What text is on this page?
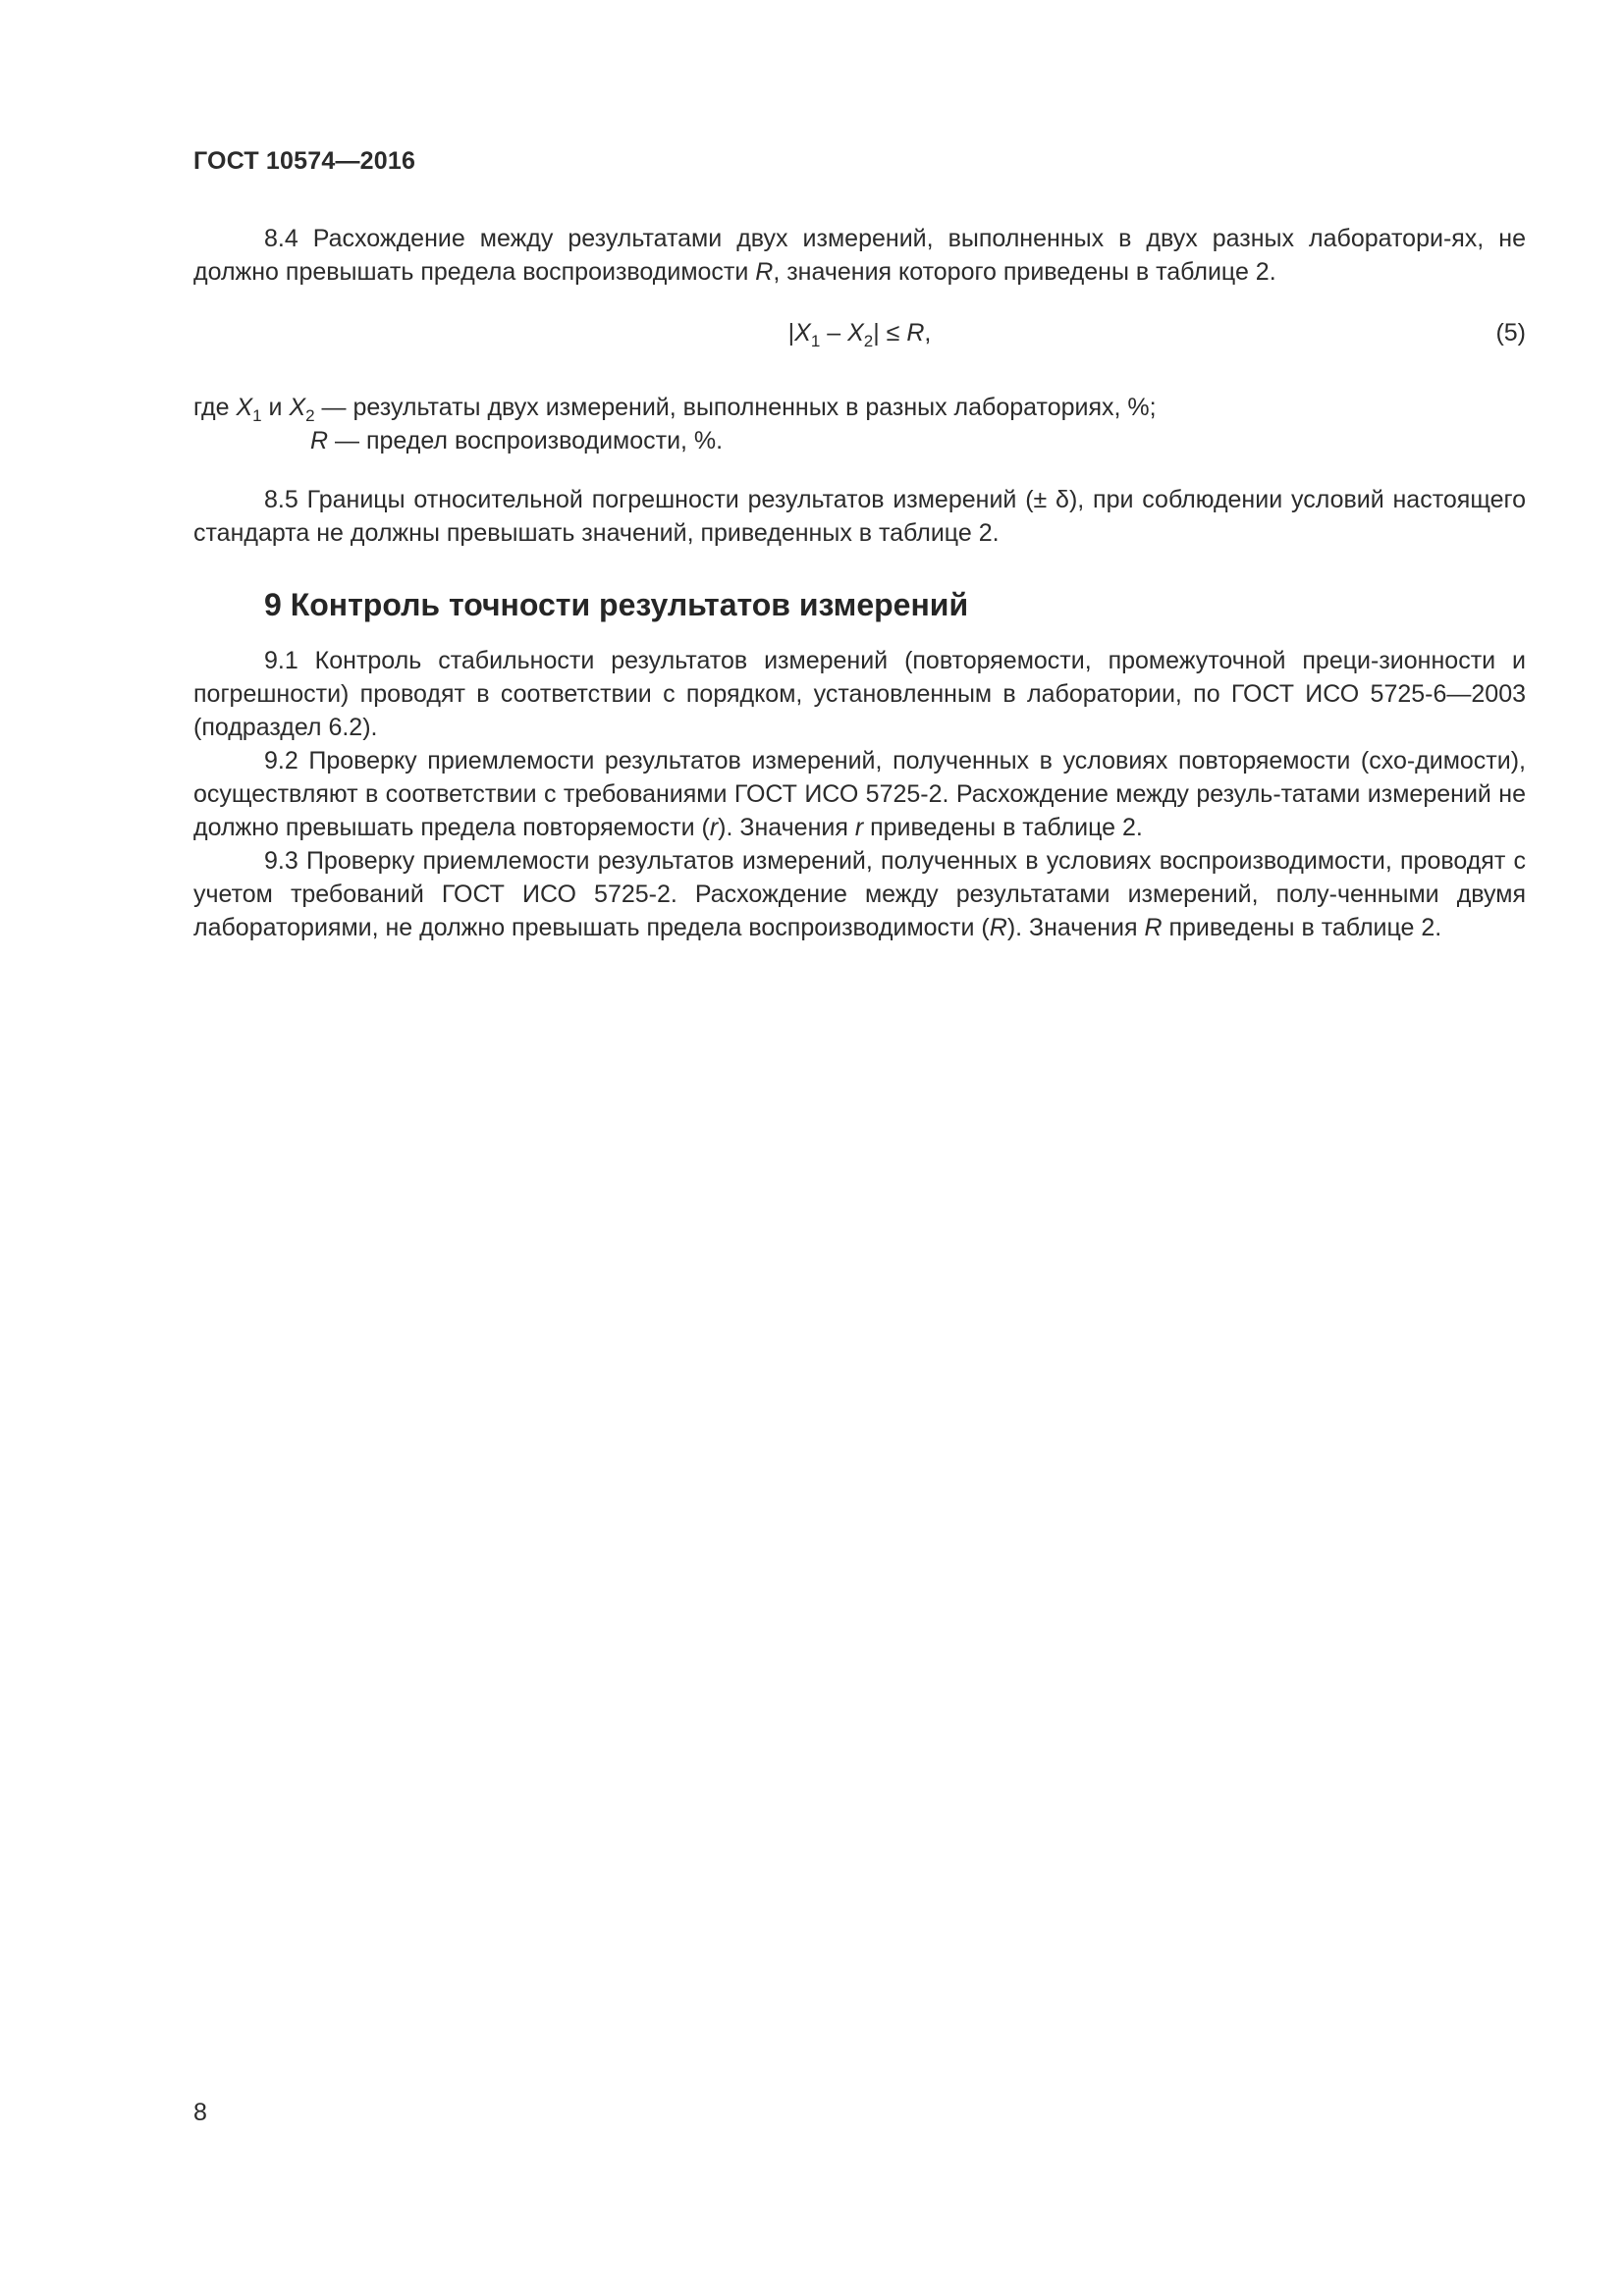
ГОСТ 10574—2016

8.4 Расхождение между результатами двух измерений, выполненных в двух разных лаборатори-ях, не должно превышать предела воспроизводимости R, значения которого приведены в таблице 2.

$|X_1 - X_2| \le R$,	(5)

где $X_1$ и $X_2$ — результаты двух измерений, выполненных в разных лабораториях, %;

R — предел воспроизводимости, %.

8.5 Границы относительной погрешности результатов измерений (± δ), при соблюдении условий настоящего стандарта не должны превышать значений, приведенных в таблице 2.

9 Контроль точности результатов измерений

9.1 Контроль стабильности результатов измерений (повторяемости, промежуточной преци-зионности и погрешности) проводят в соответствии с порядком, установленным в лаборатории, по ГОСТ ИСО 5725-6—2003 (подраздел 6.2).

9.2 Проверку приемлемости результатов измерений, полученных в условиях повторяемости (схо-димости), осуществляют в соответствии с требованиями ГОСТ ИСО 5725-2. Расхождение между резуль-татами измерений не должно превышать предела повторяемости (r). Значения r приведены в таблице 2.

9.3 Проверку приемлемости результатов измерений, полученных в условиях воспроизводимости, проводят с учетом требований ГОСТ ИСО 5725-2. Расхождение между результатами измерений, полу-ченными двумя лабораториями, не должно превышать предела воспроизводимости (R). Значения R приведены в таблице 2.

8
